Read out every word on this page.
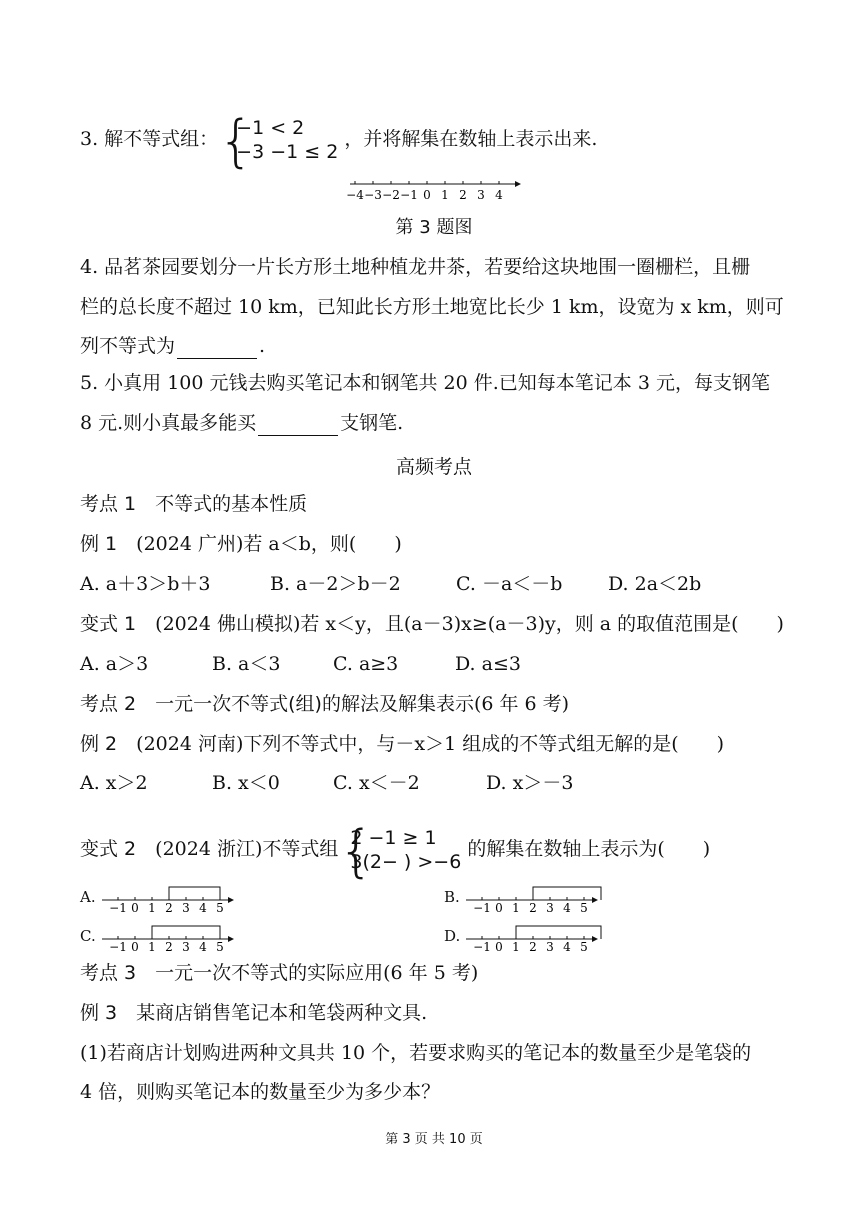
3. 解不等式组： {
−1 < 2
−3 −1 ≤ 2
，并将解集在数轴上表示出来.
−4 −3 −2 −1 0 1 2 3 4
第 3 题图
4. 品茗茶园要划分一片长方形土地种植龙井茶，若要给这块地围一圈栅栏，且栅
栏的总长度不超过 10 km，已知此长方形土地宽比长少 1 km，设宽为 x km，则可
列不等式为	.
5. 小真用 100 元钱去购买笔记本和钢笔共 20 件.已知每本笔记本 3 元，每支钢笔
8 元.则小真最多能买	支钢笔.
高频考点
考点 1　不等式的基本性质
例 1　 (2024 广州)若 a＜b，则(　　)
A. a＋3＞b＋3	B. a－2＞b－2	C. －a＜－b D. 2a＜2b
变式 1　 (2024 佛山模拟)若 x＜y，且(a－3)x≥(a－3)y，则 a 的取值范围是(　　)
A. a＞3	B. a＜3	C. a≥3	D. a≤3
考点 2　一元一次不等式(组)的解法及解集表示(6 年 6 考)
例 2　 (2024 河南)下列不等式中，与－x＞1 组成的不等式组无解的是(　　)
A. x＞2	B. x＜0	C. x＜－2	D. x＞－3
变式 2　 (2024 浙江)不等式组 {
2 −1 ≥ 1
3(2− ) >−6
的解集在数轴上表示为(　　)
A.
−1 0 1 2 3 4 5
B.
−1 0 1 2 3 4 5
C.
−1 0 1 2 3 4 5
D.
−1 0 1 2 3 4 5
考点 3　一元一次不等式的实际应用(6 年 5 考)
例 3　 某商店销售笔记本和笔袋两种文具.
(1)若商店计划购进两种文具共 10 个，若要求购买的笔记本的数量至少是笔袋的
4 倍，则购买笔记本的数量至少为多少本？
第 3 页 共 10 页
